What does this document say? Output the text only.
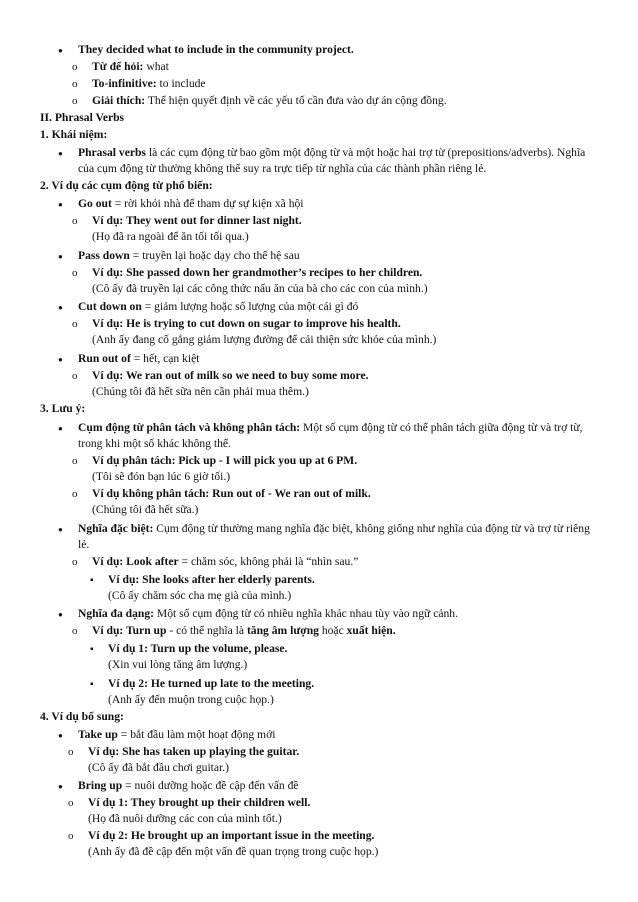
●
They decided what to include in the community project.
o
Từ để hỏi: what
o
To-infinitive: to include
o
Giải thích: Thể hiện quyết định về các yếu tố cần đưa vào dự án cộng đồng.
II. Phrasal Verbs
1. Khái niệm:
●
Phrasal verbs là các cụm động từ bao gồm một động từ và một hoặc hai trợ từ (prepositions/adverbs). Nghĩa
của cụm động từ thường không thể suy ra trực tiếp từ nghĩa của các thành phần riêng lẻ.
2. Ví dụ các cụm động từ phổ biến:
●
Go out = rời khỏi nhà để tham dự sự kiện xã hội
o
Ví dụ: They went out for dinner last night.
(Họ đã ra ngoài để ăn tối tối qua.)
●
Pass down = truyền lại hoặc dạy cho thế hệ sau
o
Ví dụ: She passed down her grandmother’s recipes to her children.
(Cô ấy đã truyền lại các công thức nấu ăn của bà cho các con của mình.)
●
Cut down on = giảm lượng hoặc số lượng của một cái gì đó
o
Ví dụ: He is trying to cut down on sugar to improve his health.
(Anh ấy đang cố gắng giảm lượng đường để cải thiện sức khỏe của mình.)
●
Run out of = hết, cạn kiệt
o
Ví dụ: We ran out of milk so we need to buy some more.
(Chúng tôi đã hết sữa nên cần phải mua thêm.)
3. Lưu ý:
●
Cụm động từ phân tách và không phân tách: Một số cụm động từ có thể phân tách giữa động từ và trợ từ,
trong khi một số khác không thể.
o
Ví dụ phân tách: Pick up - I will pick you up at 6 PM.
(Tôi sẽ đón bạn lúc 6 giờ tối.)
o
Ví dụ không phân tách: Run out of - We ran out of milk.
(Chúng tôi đã hết sữa.)
●
Nghĩa đặc biệt: Cụm động từ thường mang nghĩa đặc biệt, không giống như nghĩa của động từ và trợ từ riêng
lẻ.
o
Ví dụ: Look after = chăm sóc, không phải là “nhìn sau.”
▪
Ví dụ: She looks after her elderly parents.
(Cô ấy chăm sóc cha mẹ già của mình.)
●
Nghĩa đa dạng: Một số cụm động từ có nhiều nghĩa khác nhau tùy vào ngữ cảnh.
o
Ví dụ: Turn up - có thể nghĩa là tăng âm lượng hoặc xuất hiện.
▪
Ví dụ 1: Turn up the volume, please.
(Xin vui lòng tăng âm lượng.)
▪
Ví dụ 2: He turned up late to the meeting.
(Anh ấy đến muộn trong cuộc họp.)
4. Ví dụ bổ sung:
●
Take up = bắt đầu làm một hoạt động mới
o
Ví dụ: She has taken up playing the guitar.
(Cô ấy đã bắt đầu chơi guitar.)
●
Bring up = nuôi dưỡng hoặc đề cập đến vấn đề
o
Ví dụ 1: They brought up their children well.
(Họ đã nuôi dưỡng các con của mình tốt.)
o
Ví dụ 2: He brought up an important issue in the meeting.
(Anh ấy đã đề cập đến một vấn đề quan trọng trong cuộc họp.)
